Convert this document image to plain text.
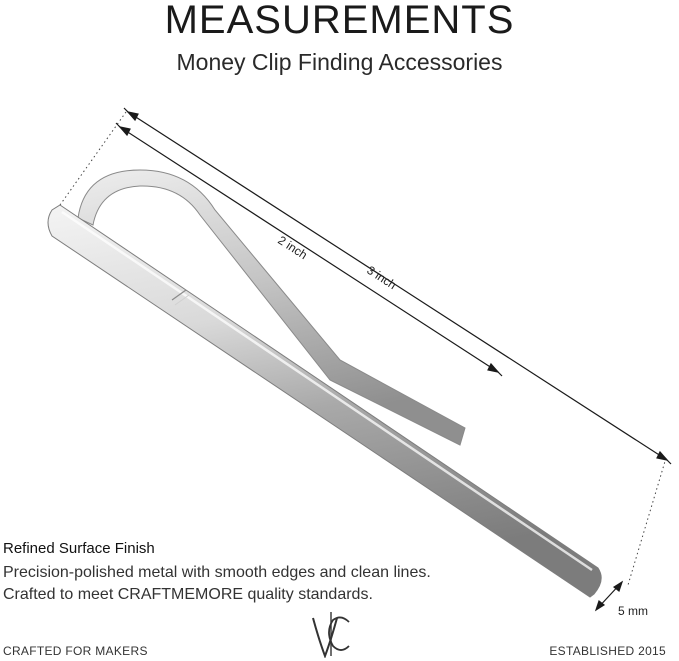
MEASUREMENTS
Money Clip Finding Accessories
2 inch
3 inch
5 mm
Refined Surface Finish
Precision-polished metal with smooth edges and clean lines.
Crafted to meet CRAFTMEMORE quality standards.
CRAFTED FOR MAKERS	ESTABLISHED 2015
